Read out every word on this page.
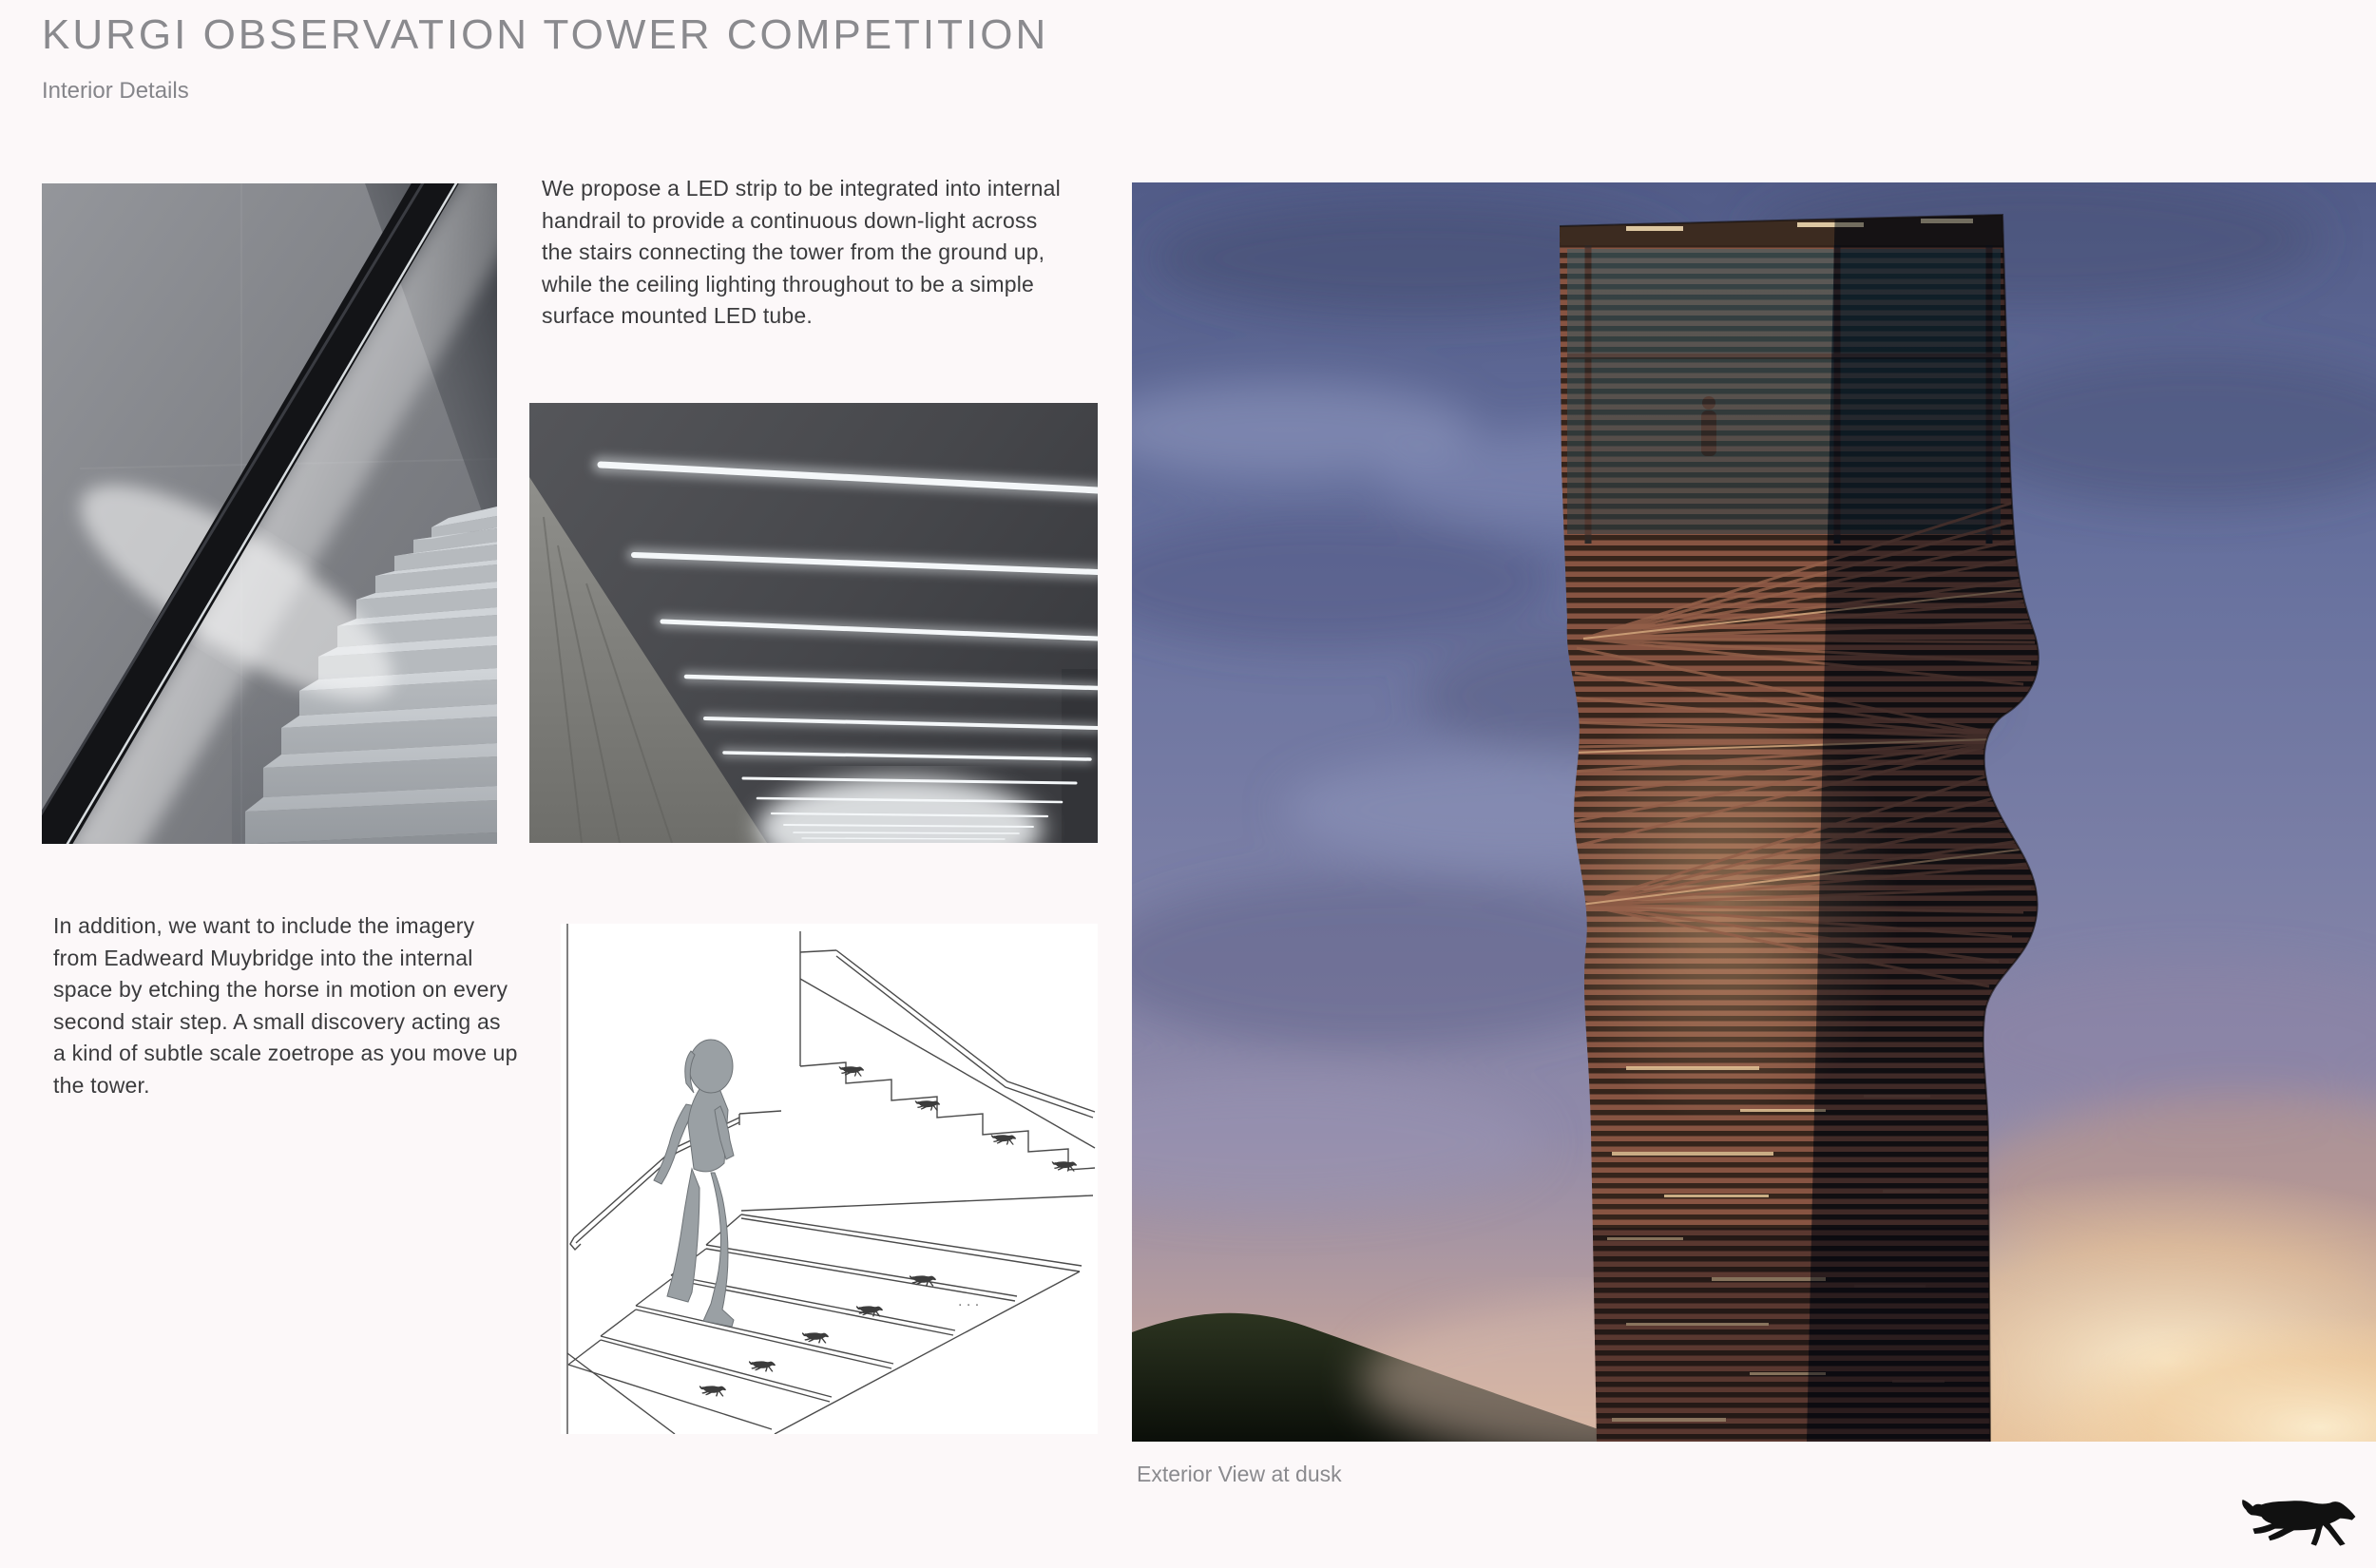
KURGI OBSERVATION TOWER COMPETITION
Interior Details
We propose a LED strip to be integrated into internal handrail to provide a continuous down-light across the stairs connecting the tower from the ground up, while the ceiling lighting throughout to be a simple surface mounted LED tube.
In addition, we want to include the imagery from Eadweard Muybridge into the internal space by etching the horse in motion on every second stair step. A small discovery acting as a kind of subtle scale zoetrope as you move up the tower.
. . .
Exterior View at dusk
